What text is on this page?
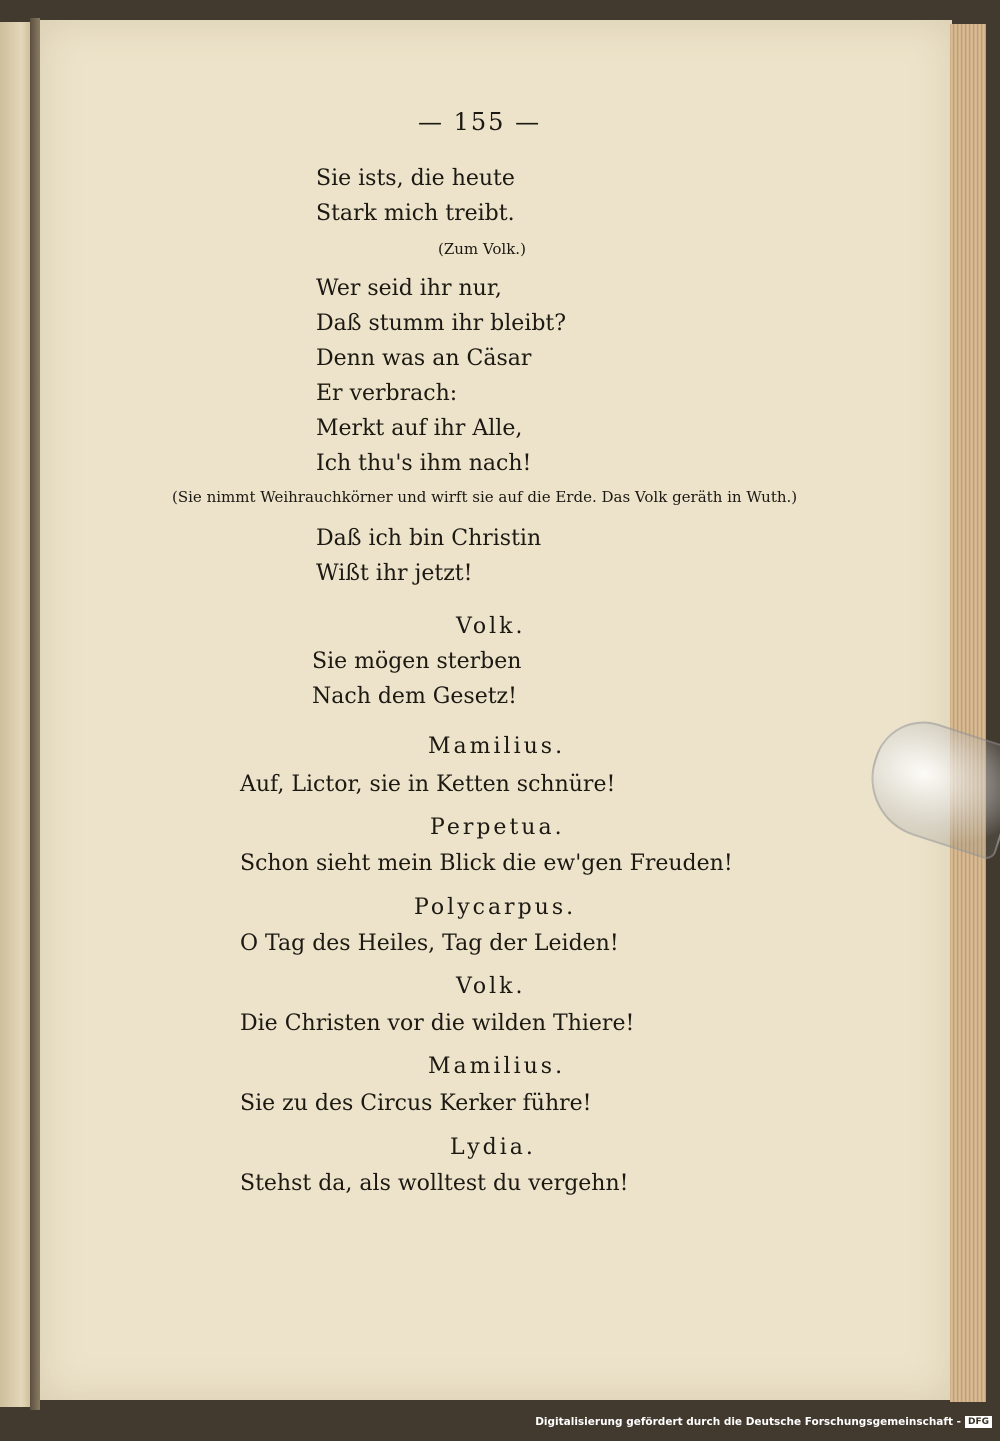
— 155 —
Sie ists, die heute
Stark mich treibt.
(Zum Volk.)
Wer seid ihr nur,
Daß stumm ihr bleibt?
Denn was an Cäsar
Er verbrach:
Merkt auf ihr Alle,
Ich thu's ihm nach!
(Sie nimmt Weihrauchkörner und wirft sie auf die Erde. Das Volk geräth in Wuth.)
Daß ich bin Christin
Wißt ihr jetzt!
Volk.
Sie mögen sterben
Nach dem Gesetz!
Mamilius.
Auf, Lictor, sie in Ketten schnüre!
Perpetua.
Schon sieht mein Blick die ew'gen Freuden!
Polycarpus.
O Tag des Heiles, Tag der Leiden!
Volk.
Die Christen vor die wilden Thiere!
Mamilius.
Sie zu des Circus Kerker führe!
Lydia.
Stehst da, als wolltest du vergehn!
Digitalisierung gefördert durch die Deutsche Forschungsgemeinschaft - DFG
